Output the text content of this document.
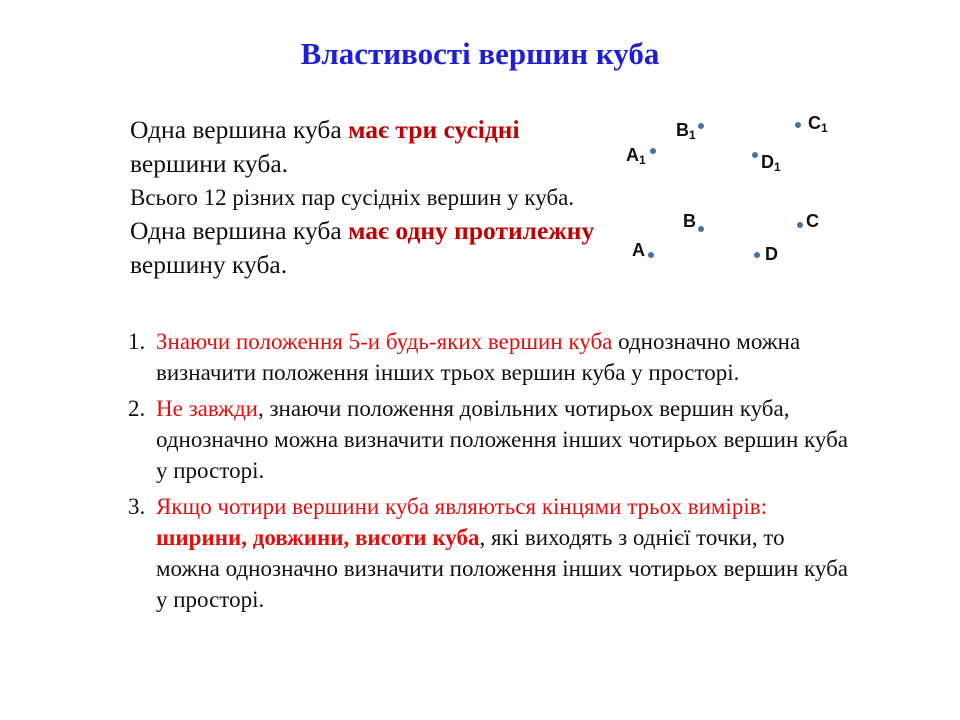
Властивості вершин куба
Одна вершина куба має три сусідні вершини куба.
Всього 12 різних пар сусідніх вершин у куба.
Одна вершина куба має одну протилежну вершину куба.
$B_1$
$C_1$
$A_1$	$D_1$
B	C
A	D
1. Знаючи положення 5-и будь-яких вершин куба однозначно можна визначити положення інших трьох вершин куба у просторі.
2. Не завжди, знаючи положення довільних чотирьох вершин куба, однозначно можна визначити положення інших чотирьох вершин куба у просторі.
3. Якщо чотири вершини куба являються кінцями трьох вимірів: ширини, довжини, висоти куба, які виходять з однієї точки, то можна однозначно визначити положення інших чотирьох вершин куба у просторі.
